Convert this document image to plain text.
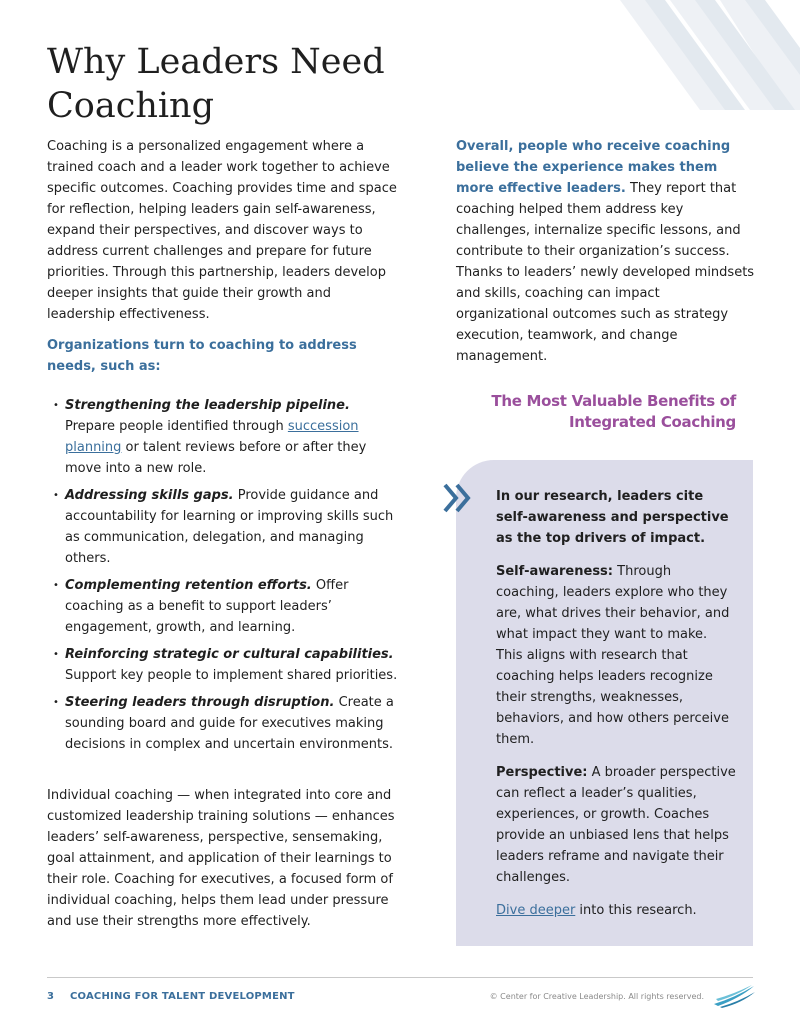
Why Leaders Need Coaching

Coaching is a personalized engagement where a trained coach and a leader work together to achieve specific outcomes. Coaching provides time and space for reflection, helping leaders gain self-awareness, expand their perspectives, and discover ways to address current challenges and prepare for future priorities. Through this partnership, leaders develop deeper insights that guide their growth and leadership effectiveness.

Organizations turn to coaching to address needs, such as:

• Strengthening the leadership pipeline. Prepare people identified through succession planning or talent reviews before or after they move into a new role.
• Addressing skills gaps. Provide guidance and accountability for learning or improving skills such as communication, delegation, and managing others.
• Complementing retention efforts. Offer coaching as a benefit to support leaders’ engagement, growth, and learning.
• Reinforcing strategic or cultural capabilities. Support key people to implement shared priorities.
• Steering leaders through disruption. Create a sounding board and guide for executives making decisions in complex and uncertain environments.

Individual coaching — when integrated into core and customized leadership training solutions — enhances leaders’ self-awareness, perspective, sensemaking, goal attainment, and application of their learnings to their role. Coaching for executives, a focused form of individual coaching, helps them lead under pressure and use their strengths more effectively.

Overall, people who receive coaching believe the experience makes them more effective leaders. They report that coaching helped them address key challenges, internalize specific lessons, and contribute to their organization’s success. Thanks to leaders’ newly developed mindsets and skills, coaching can impact organizational outcomes such as strategy execution, teamwork, and change management.

The Most Valuable Benefits of
Integrated Coaching

In our research, leaders cite self-awareness and perspective as the top drivers of impact.

Self-awareness: Through coaching, leaders explore who they are, what drives their behavior, and what impact they want to make. This aligns with research that coaching helps leaders recognize their strengths, weaknesses, behaviors, and how others perceive them.

Perspective: A broader perspective can reflect a leader’s qualities, experiences, or growth. Coaches provide an unbiased lens that helps leaders reframe and navigate their challenges.

Dive deeper into this research.

3 COACHING FOR TALENT DEVELOPMENT	© Center for Creative Leadership. All rights reserved.
